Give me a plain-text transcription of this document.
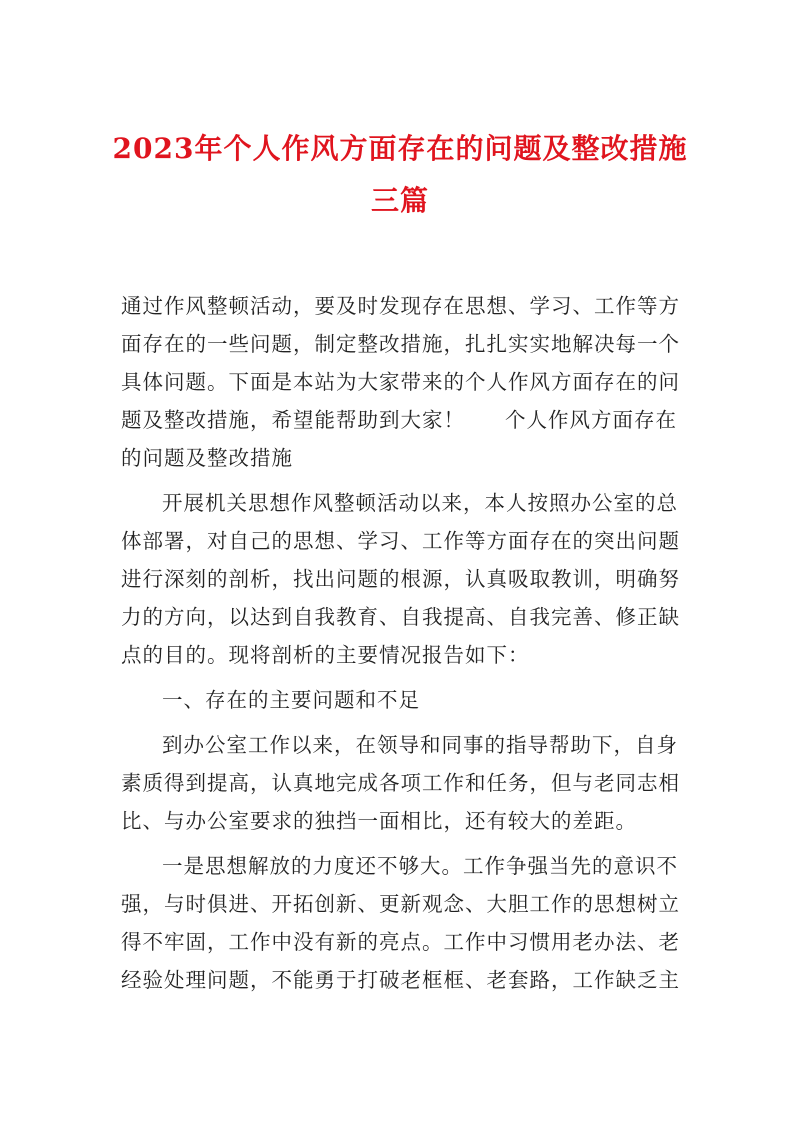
2023年个人作风方面存在的问题及整改措施三篇

通过作风整顿活动，要及时发现存在思想、学习、工作等方面存在的一些问题，制定整改措施，扎扎实实地解决每一个具体问题。下面是本站为大家带来的个人作风方面存在的问题及整改措施，希望能帮助到大家！ 个人作风方面存在的问题及整改措施

开展机关思想作风整顿活动以来，本人按照办公室的总体部署，对自己的思想、学习、工作等方面存在的突出问题进行深刻的剖析，找出问题的根源，认真吸取教训，明确努力的方向，以达到自我教育、自我提高、自我完善、修正缺点的目的。现将剖析的主要情况报告如下：

一、存在的主要问题和不足

到办公室工作以来，在领导和同事的指导帮助下，自身素质得到提高，认真地完成各项工作和任务，但与老同志相比、与办公室要求的独挡一面相比，还有较大的差距。

一是思想解放的力度还不够大。工作争强当先的意识不强，与时俱进、开拓创新、更新观念、大胆工作的思想树立得不牢固，工作中没有新的亮点。工作中习惯用老办法、老经验处理问题，不能勇于打破老框框、老套路，工作缺乏主
